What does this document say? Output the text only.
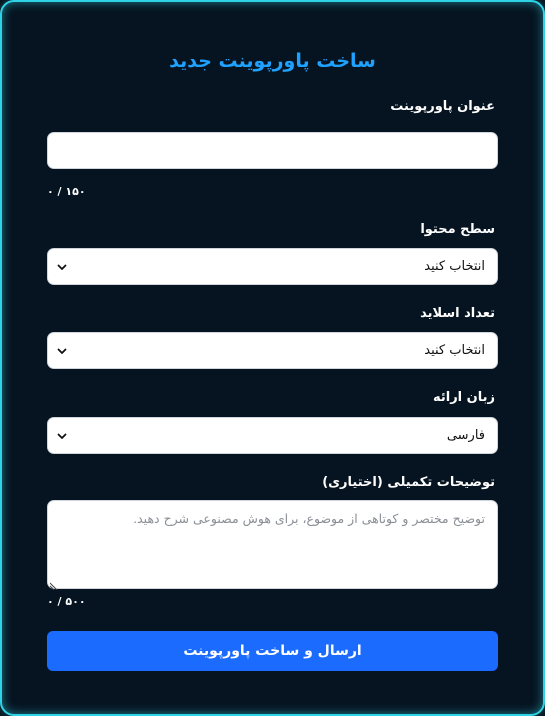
ساخت پاورپوینت جدید

عنوان پاورپوینت

۰ / ۱۵۰

سطح محتوا

انتخاب کنید

تعداد اسلاید

انتخاب کنید

زبان ارائه

فارسی

توضیحات تکمیلی (اختیاری)

توضیح مختصر و کوتاهی از موضوع، برای هوش مصنوعی شرح دهید.

۰ / ۵۰۰

ارسال و ساخت پاورپوینت
